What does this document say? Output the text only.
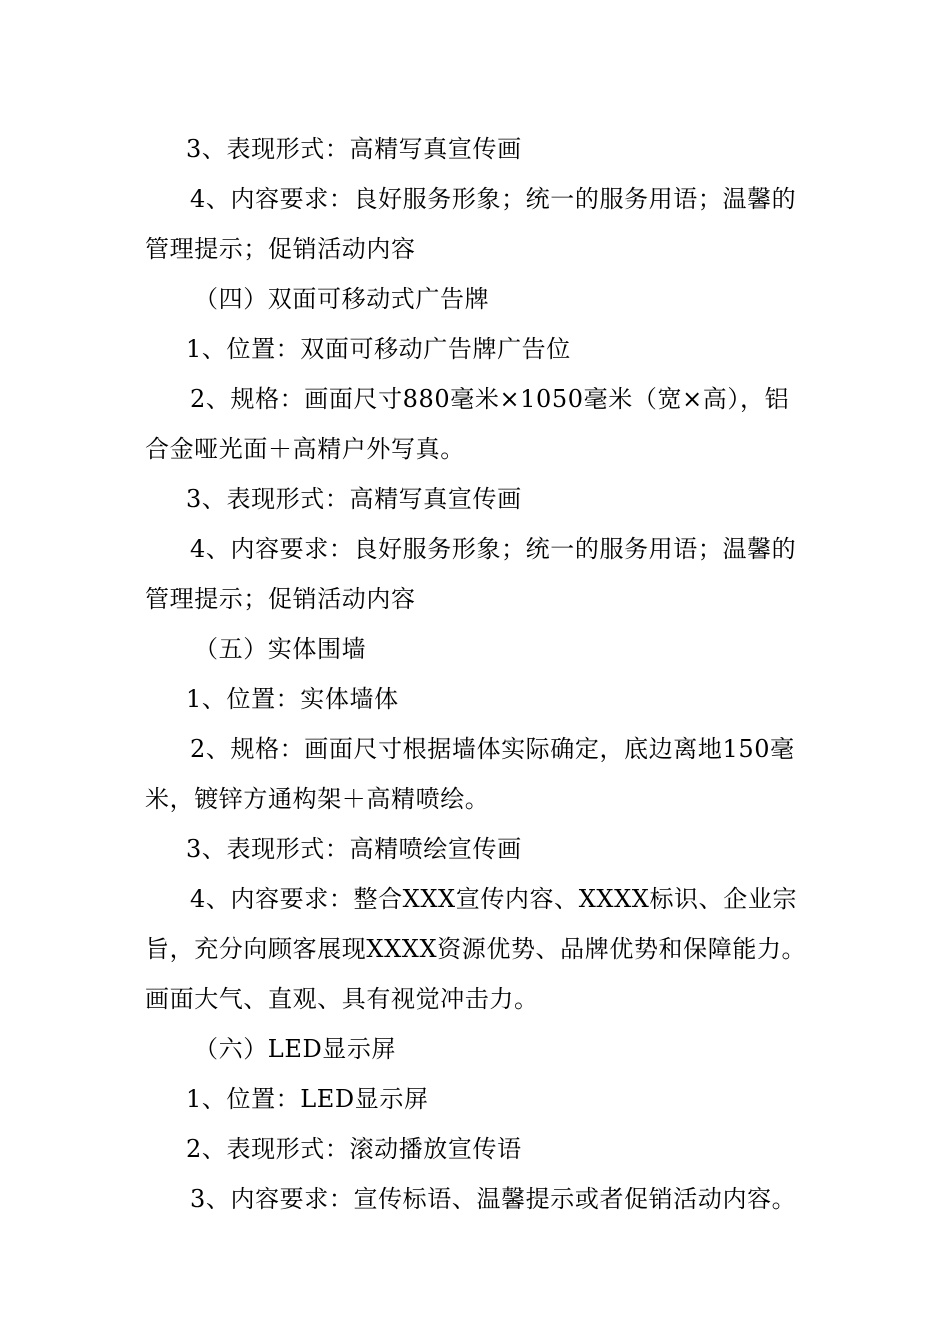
3、表现形式：高精写真宣传画

4、内容要求：良好服务形象；统一的服务用语；温馨的管理提示；促销活动内容

（四）双面可移动式广告牌

1、位置：双面可移动广告牌广告位

2、规格：画面尺寸880毫米×1050毫米（宽×高），铝合金哑光面＋高精户外写真。

3、表现形式：高精写真宣传画

4、内容要求：良好服务形象；统一的服务用语；温馨的管理提示；促销活动内容

（五）实体围墙

1、位置：实体墙体

2、规格：画面尺寸根据墙体实际确定，底边离地150毫米，镀锌方通构架＋高精喷绘。

3、表现形式：高精喷绘宣传画

4、内容要求：整合XXX宣传内容、XXXX标识、企业宗旨，充分向顾客展现XXXX资源优势、品牌优势和保障能力。画面大气、直观、具有视觉冲击力。

（六）LED显示屏

1、位置：LED显示屏

2、表现形式：滚动播放宣传语

3、内容要求：宣传标语、温馨提示或者促销活动内容。
